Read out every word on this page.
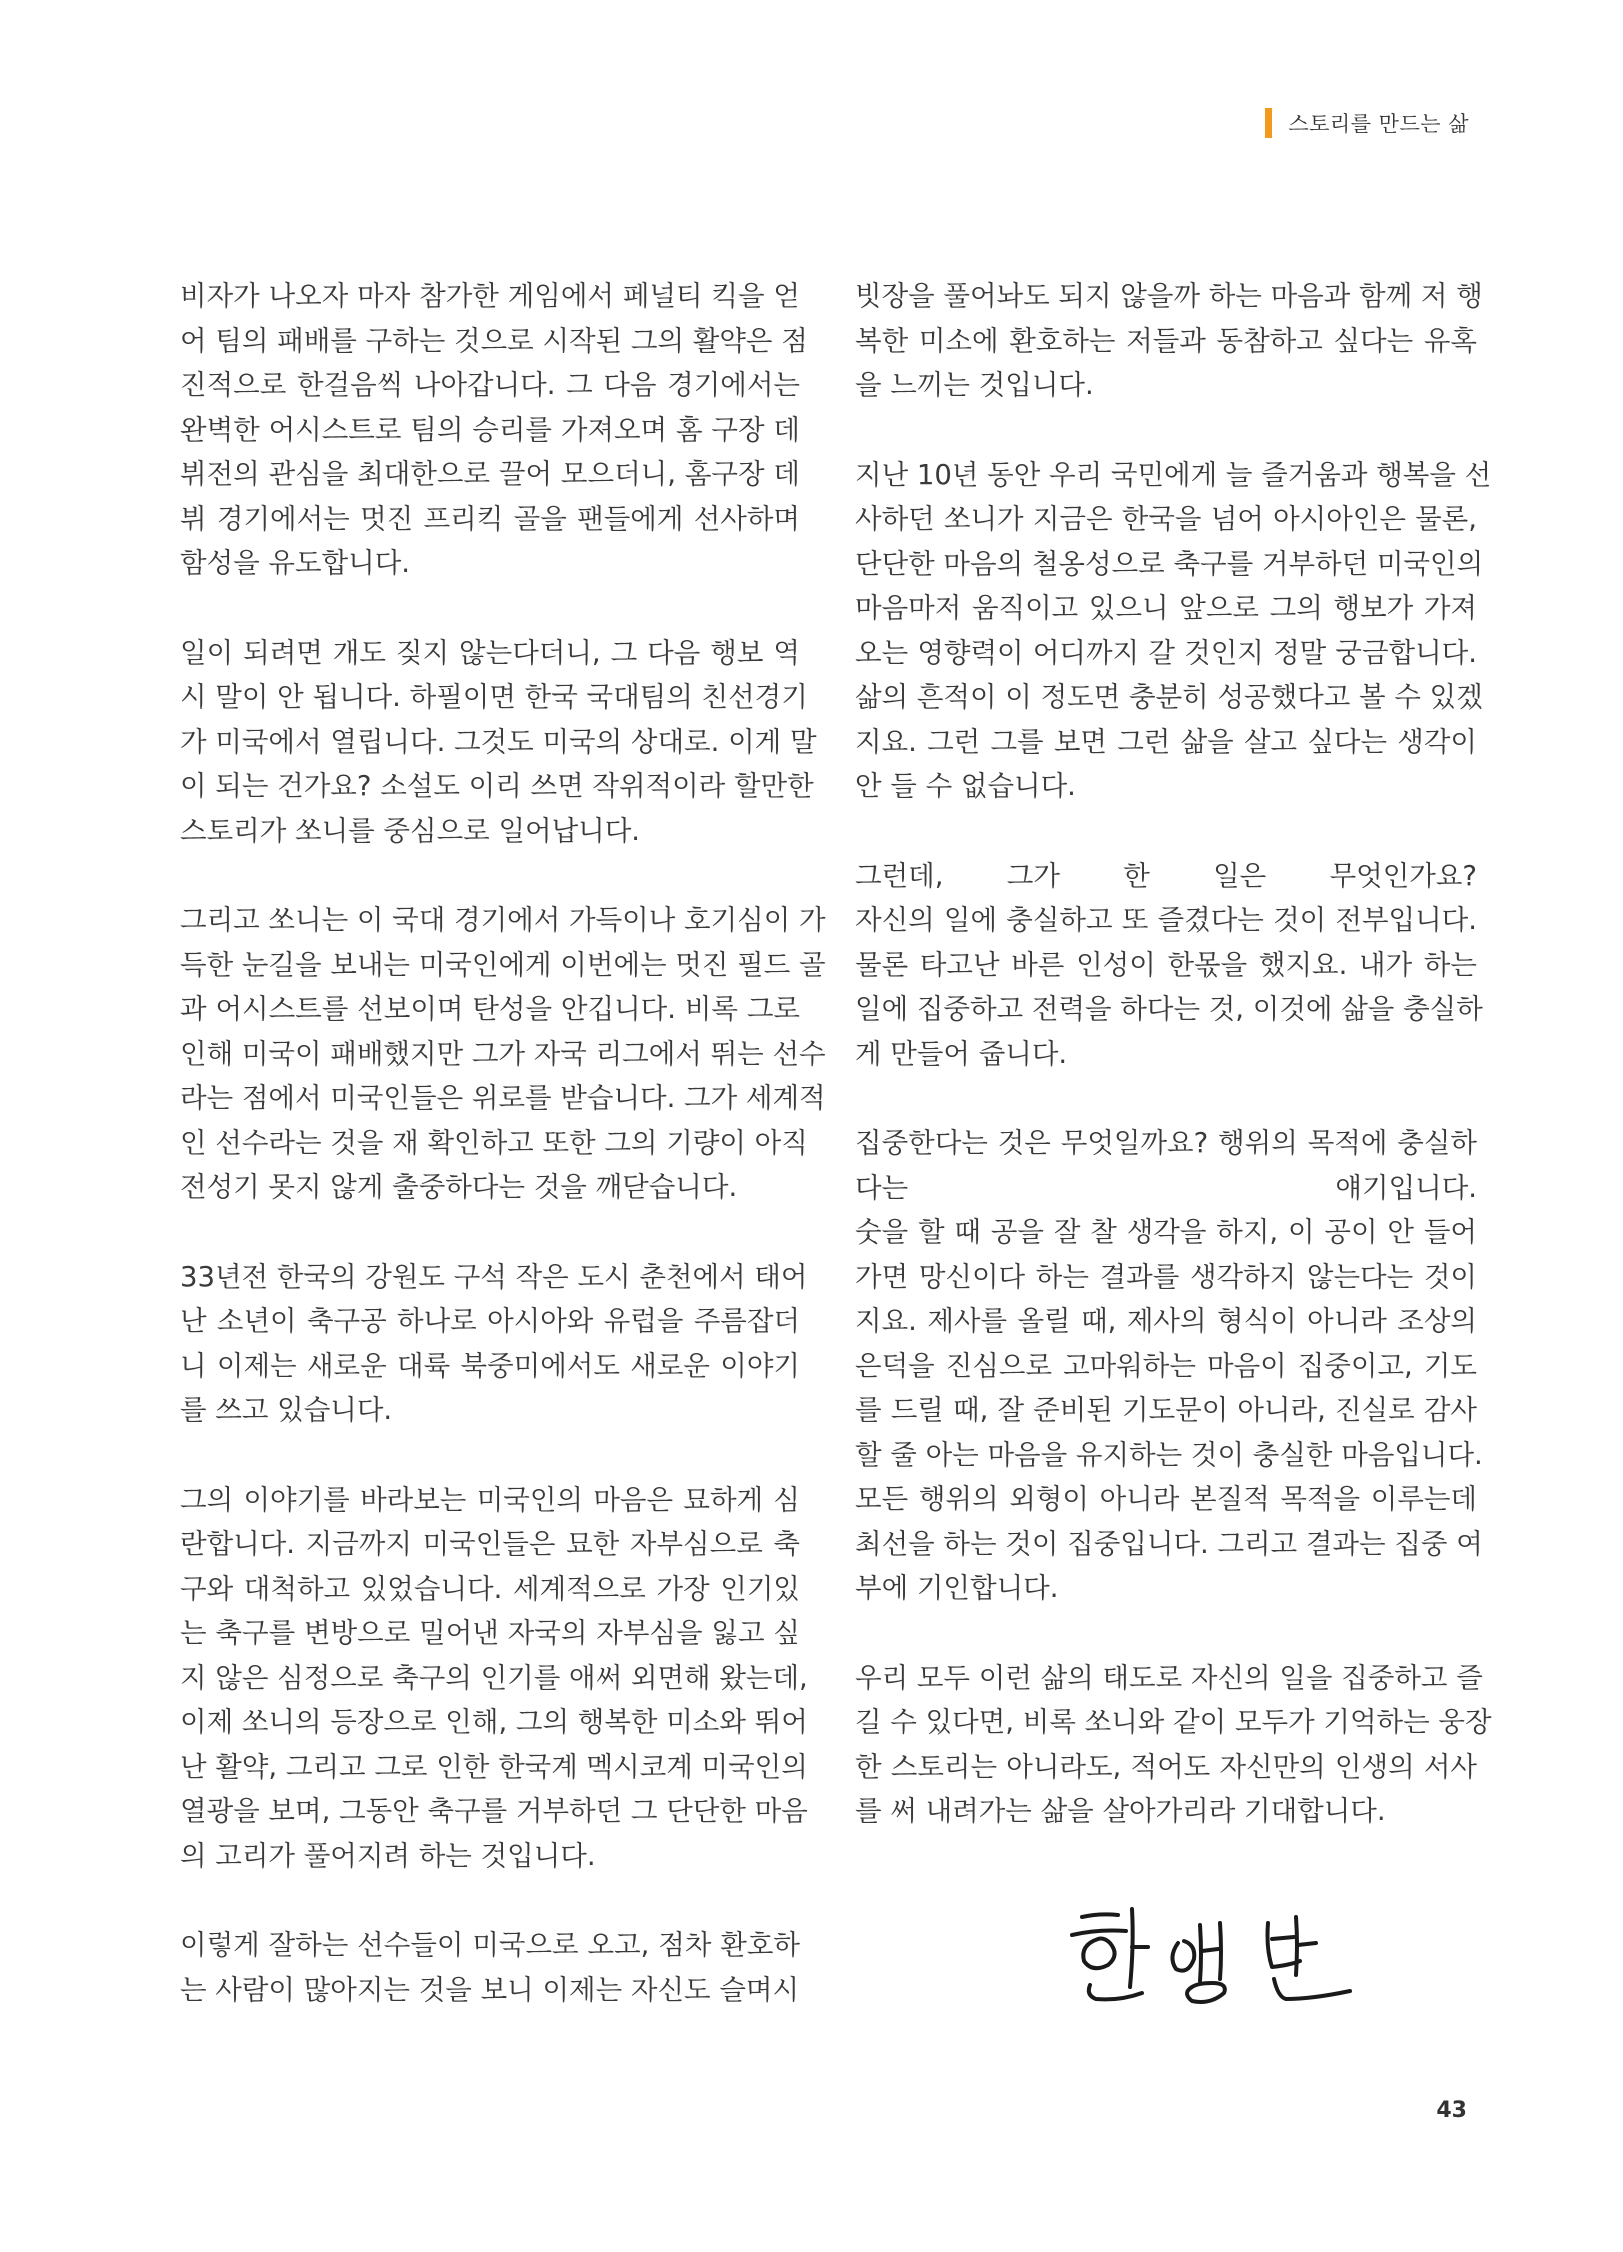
스토리를 만드는 삶
비자가 나오자 마자 참가한 게임에서 페널티 킥을 얻
어 팀의 패배를 구하는 것으로 시작된 그의 활약은 점
진적으로 한걸음씩 나아갑니다. 그 다음 경기에서는
완벽한 어시스트로 팀의 승리를 가져오며 홈 구장 데
뷔전의 관심을 최대한으로 끌어 모으더니, 홈구장 데
뷔 경기에서는 멋진 프리킥 골을 팬들에게 선사하며
함성을 유도합니다.
일이 되려면 개도 짖지 않는다더니, 그 다음 행보 역
시 말이 안 됩니다. 하필이면 한국 국대팀의 친선경기
가 미국에서 열립니다. 그것도 미국의 상대로. 이게 말
이 되는 건가요? 소설도 이리 쓰면 작위적이라 할만한
스토리가 쏘니를 중심으로 일어납니다.
그리고 쏘니는 이 국대 경기에서 가득이나 호기심이 가
득한 눈길을 보내는 미국인에게 이번에는 멋진 필드 골
과 어시스트를 선보이며 탄성을 안깁니다. 비록 그로
인해 미국이 패배했지만 그가 자국 리그에서 뛰는 선수
라는 점에서 미국인들은 위로를 받습니다. 그가 세계적
인 선수라는 것을 재 확인하고 또한 그의 기량이 아직
전성기 못지 않게 출중하다는 것을 깨닫습니다.
33년전 한국의 강원도 구석 작은 도시 춘천에서 태어
난 소년이 축구공 하나로 아시아와 유럽을 주름잡더
니 이제는 새로운 대륙 북중미에서도 새로운 이야기
를 쓰고 있습니다.
그의 이야기를 바라보는 미국인의 마음은 묘하게 심
란합니다. 지금까지 미국인들은 묘한 자부심으로 축
구와 대척하고 있었습니다. 세계적으로 가장 인기있
는 축구를 변방으로 밀어낸 자국의 자부심을 잃고 싶
지 않은 심정으로 축구의 인기를 애써 외면해 왔는데,
이제 쏘니의 등장으로 인해, 그의 행복한 미소와 뛰어
난 활약, 그리고 그로 인한 한국계 멕시코계 미국인의
열광을 보며, 그동안 축구를 거부하던 그 단단한 마음
의 고리가 풀어지려 하는 것입니다.
이렇게 잘하는 선수들이 미국으로 오고, 점차 환호하
는 사람이 많아지는 것을 보니 이제는 자신도 슬며시
빗장을 풀어놔도 되지 않을까 하는 마음과 함께 저 행
복한 미소에 환호하는 저들과 동참하고 싶다는 유혹
을 느끼는 것입니다.
지난 10년 동안 우리 국민에게 늘 즐거움과 행복을 선
사하던 쏘니가 지금은 한국을 넘어 아시아인은 물론,
단단한 마음의 철옹성으로 축구를 거부하던 미국인의
마음마저 움직이고 있으니 앞으로 그의 행보가 가져
오는 영향력이 어디까지 갈 것인지 정말 궁금합니다.
삶의 흔적이 이 정도면 충분히 성공했다고 볼 수 있겠
지요. 그런 그를 보면 그런 삶을 살고 싶다는 생각이
안 들 수 없습니다.
그런데, 그가 한 일은 무엇인가요?
자신의 일에 충실하고 또 즐겼다는 것이 전부입니다.
물론 타고난 바른 인성이 한몫을 했지요. 내가 하는
일에 집중하고 전력을 하다는 것, 이것에 삶을 충실하
게 만들어 줍니다.
집중한다는 것은 무엇일까요? 행위의 목적에 충실하
다는 얘기입니다.
숫을 할 때 공을 잘 찰 생각을 하지, 이 공이 안 들어
가면 망신이다 하는 결과를 생각하지 않는다는 것이
지요. 제사를 올릴 때, 제사의 형식이 아니라 조상의
은덕을 진심으로 고마워하는 마음이 집중이고, 기도
를 드릴 때, 잘 준비된 기도문이 아니라, 진실로 감사
할 줄 아는 마음을 유지하는 것이 충실한 마음입니다.
모든 행위의 외형이 아니라 본질적 목적을 이루는데
최선을 하는 것이 집중입니다. 그리고 결과는 집중 여
부에 기인합니다.
우리 모두 이런 삶의 태도로 자신의 일을 집중하고 즐
길 수 있다면, 비록 쏘니와 같이 모두가 기억하는 웅장
한 스토리는 아니라도, 적어도 자신만의 인생의 서사
를 써 내려가는 삶을 살아가리라 기대합니다.
한 영 빈
43
